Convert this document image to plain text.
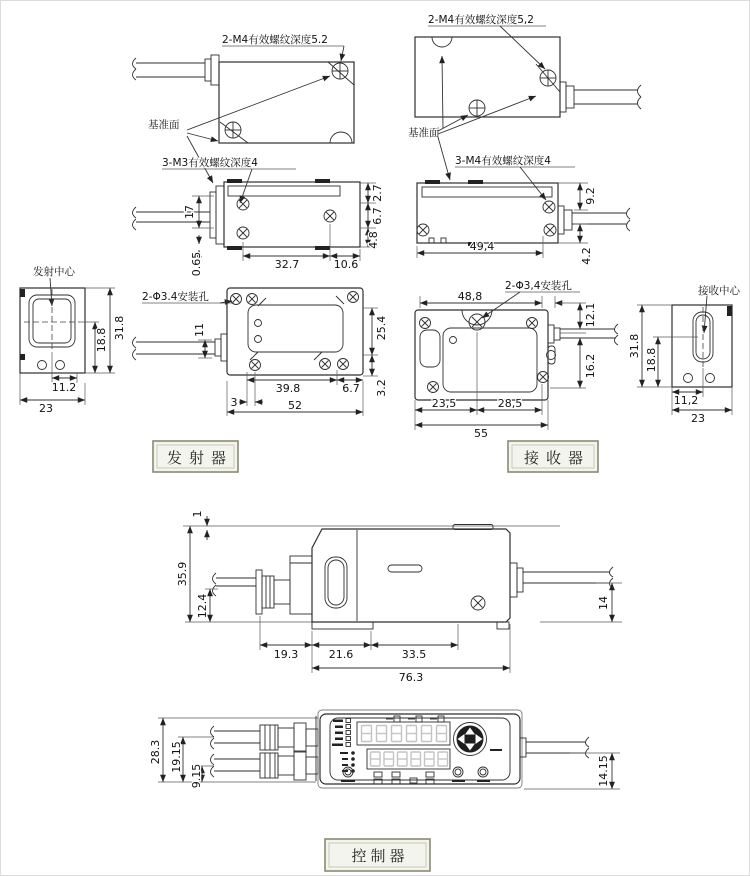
2-M4有效螺纹深度5.2
基准面
2-M4有效螺纹深度5,2
基准面
3-M3有效螺纹深度4
17
0.65	32.7	10.6
2.7
6.7
4.8
3-M4有效螺纹深度4
9.2
4.2
49,4
发射中心
31.8
18.8
11.2
23
2-Φ3.4安装孔
11	25.4
3.2
39.8	6.7
3	52
2-Φ3,4安装孔
48,8
12.1
16.2
23,5	28,5
55
接收中心
31.8
18.8
11,2
23
发射器	接收器
1
35.9
12.4	14
19.3	21.6	33.5
76.3
28.3 19.15
9.15	14.15
控制器
